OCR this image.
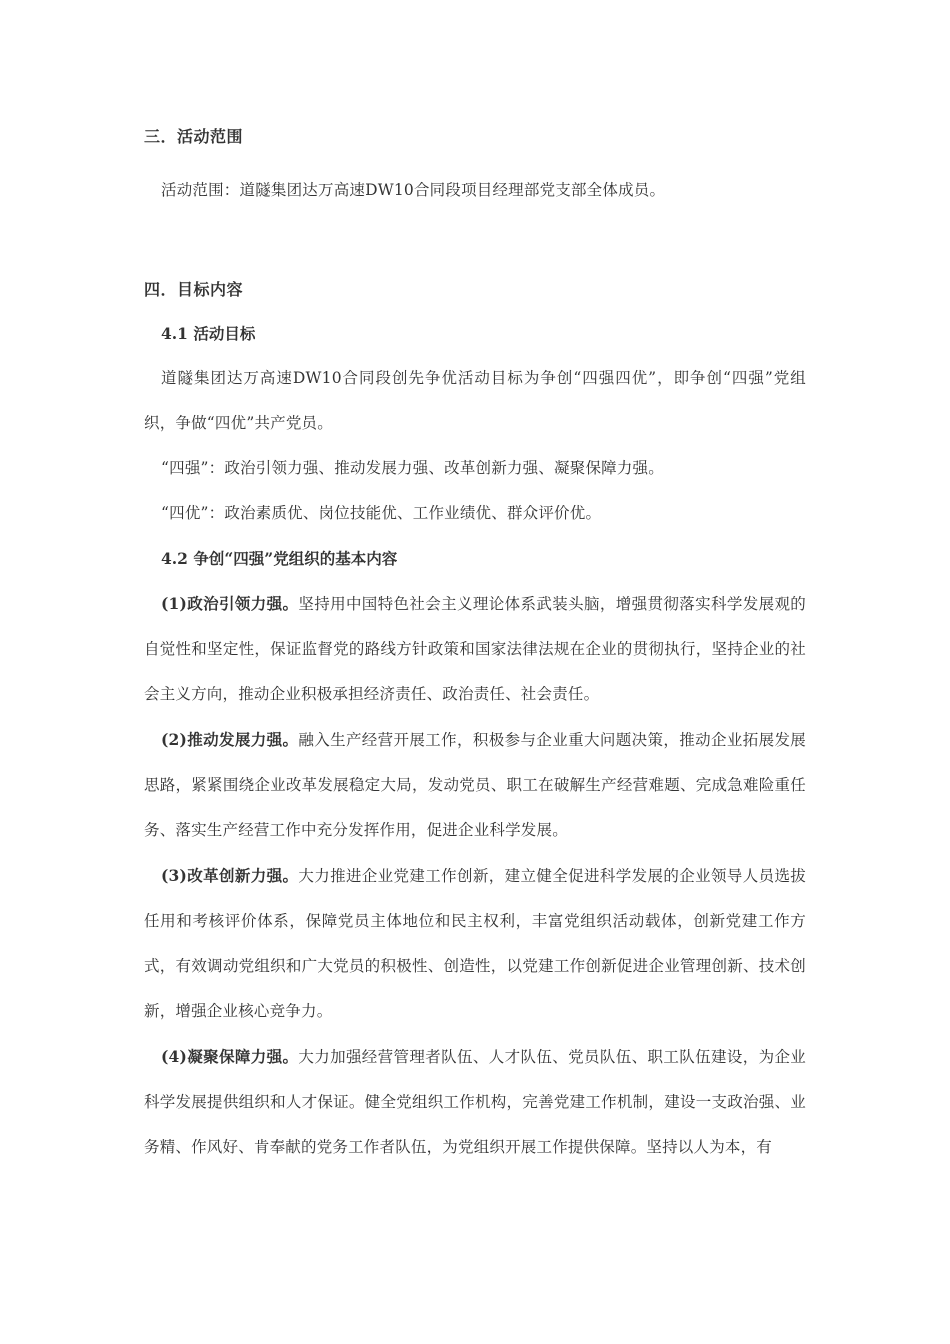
三．活动范围

活动范围：道隧集团达万高速DW10合同段项目经理部党支部全体成员。

四．目标内容

4.1 活动目标

道隧集团达万高速DW10合同段创先争优活动目标为争创“四强四优”，即争创“四强”党组织，争做“四优”共产党员。

“四强”：政治引领力强、推动发展力强、改革创新力强、凝聚保障力强。

“四优”：政治素质优、岗位技能优、工作业绩优、群众评价优。

4.2 争创“四强”党组织的基本内容

(1)政治引领力强。坚持用中国特色社会主义理论体系武装头脑，增强贯彻落实科学发展观的自觉性和坚定性，保证监督党的路线方针政策和国家法律法规在企业的贯彻执行，坚持企业的社会主义方向，推动企业积极承担经济责任、政治责任、社会责任。

(2)推动发展力强。融入生产经营开展工作，积极参与企业重大问题决策，推动企业拓展发展思路，紧紧围绕企业改革发展稳定大局，发动党员、职工在破解生产经营难题、完成急难险重任务、落实生产经营工作中充分发挥作用，促进企业科学发展。

(3)改革创新力强。大力推进企业党建工作创新，建立健全促进科学发展的企业领导人员选拔任用和考核评价体系，保障党员主体地位和民主权利，丰富党组织活动载体，创新党建工作方式，有效调动党组织和广大党员的积极性、创造性，以党建工作创新促进企业管理创新、技术创新，增强企业核心竞争力。

(4)凝聚保障力强。大力加强经营管理者队伍、人才队伍、党员队伍、职工队伍建设，为企业科学发展提供组织和人才保证。健全党组织工作机构，完善党建工作机制，建设一支政治强、业务精、作风好、肯奉献的党务工作者队伍，为党组织开展工作提供保障。坚持以人为本，有
